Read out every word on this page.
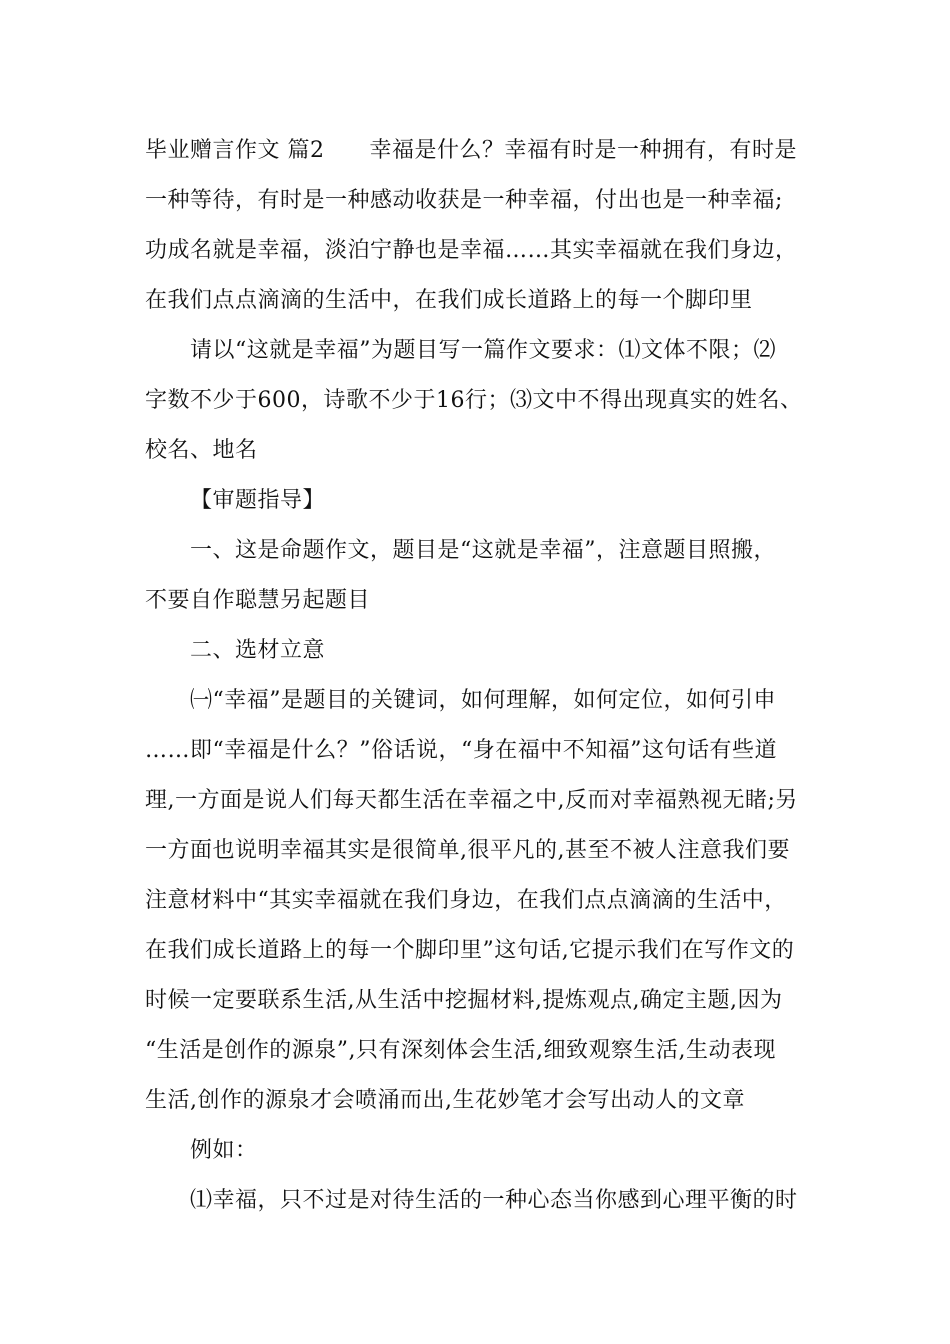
毕业赠言作文 篇2　　幸福是什么？幸福有时是一种拥有，有时是
一种等待，有时是一种感动收获是一种幸福，付出也是一种幸福;
功成名就是幸福，淡泊宁静也是幸福……其实幸福就在我们身边，
在我们点点滴滴的生活中，在我们成长道路上的每一个脚印里
请以“这就是幸福”为题目写一篇作文要求：⑴文体不限；⑵
字数不少于600，诗歌不少于16行；⑶文中不得出现真实的姓名、
校名、地名
【审题指导】
一、这是命题作文，题目是“这就是幸福”，注意题目照搬，
不要自作聪慧另起题目
二、选材立意
㈠“幸福”是题目的关键词，如何理解，如何定位，如何引申
……即“幸福是什么？”俗话说，“身在福中不知福”这句话有些道
理,一方面是说人们每天都生活在幸福之中,反而对幸福熟视无睹;另
一方面也说明幸福其实是很简单,很平凡的,甚至不被人注意我们要
注意材料中“其实幸福就在我们身边，在我们点点滴滴的生活中，
在我们成长道路上的每一个脚印里”这句话,它提示我们在写作文的
时候一定要联系生活,从生活中挖掘材料,提炼观点,确定主题,因为
“生活是创作的源泉”,只有深刻体会生活,细致观察生活,生动表现
生活,创作的源泉才会喷涌而出,生花妙笔才会写出动人的文章
例如：
⑴幸福，只不过是对待生活的一种心态当你感到心理平衡的时
